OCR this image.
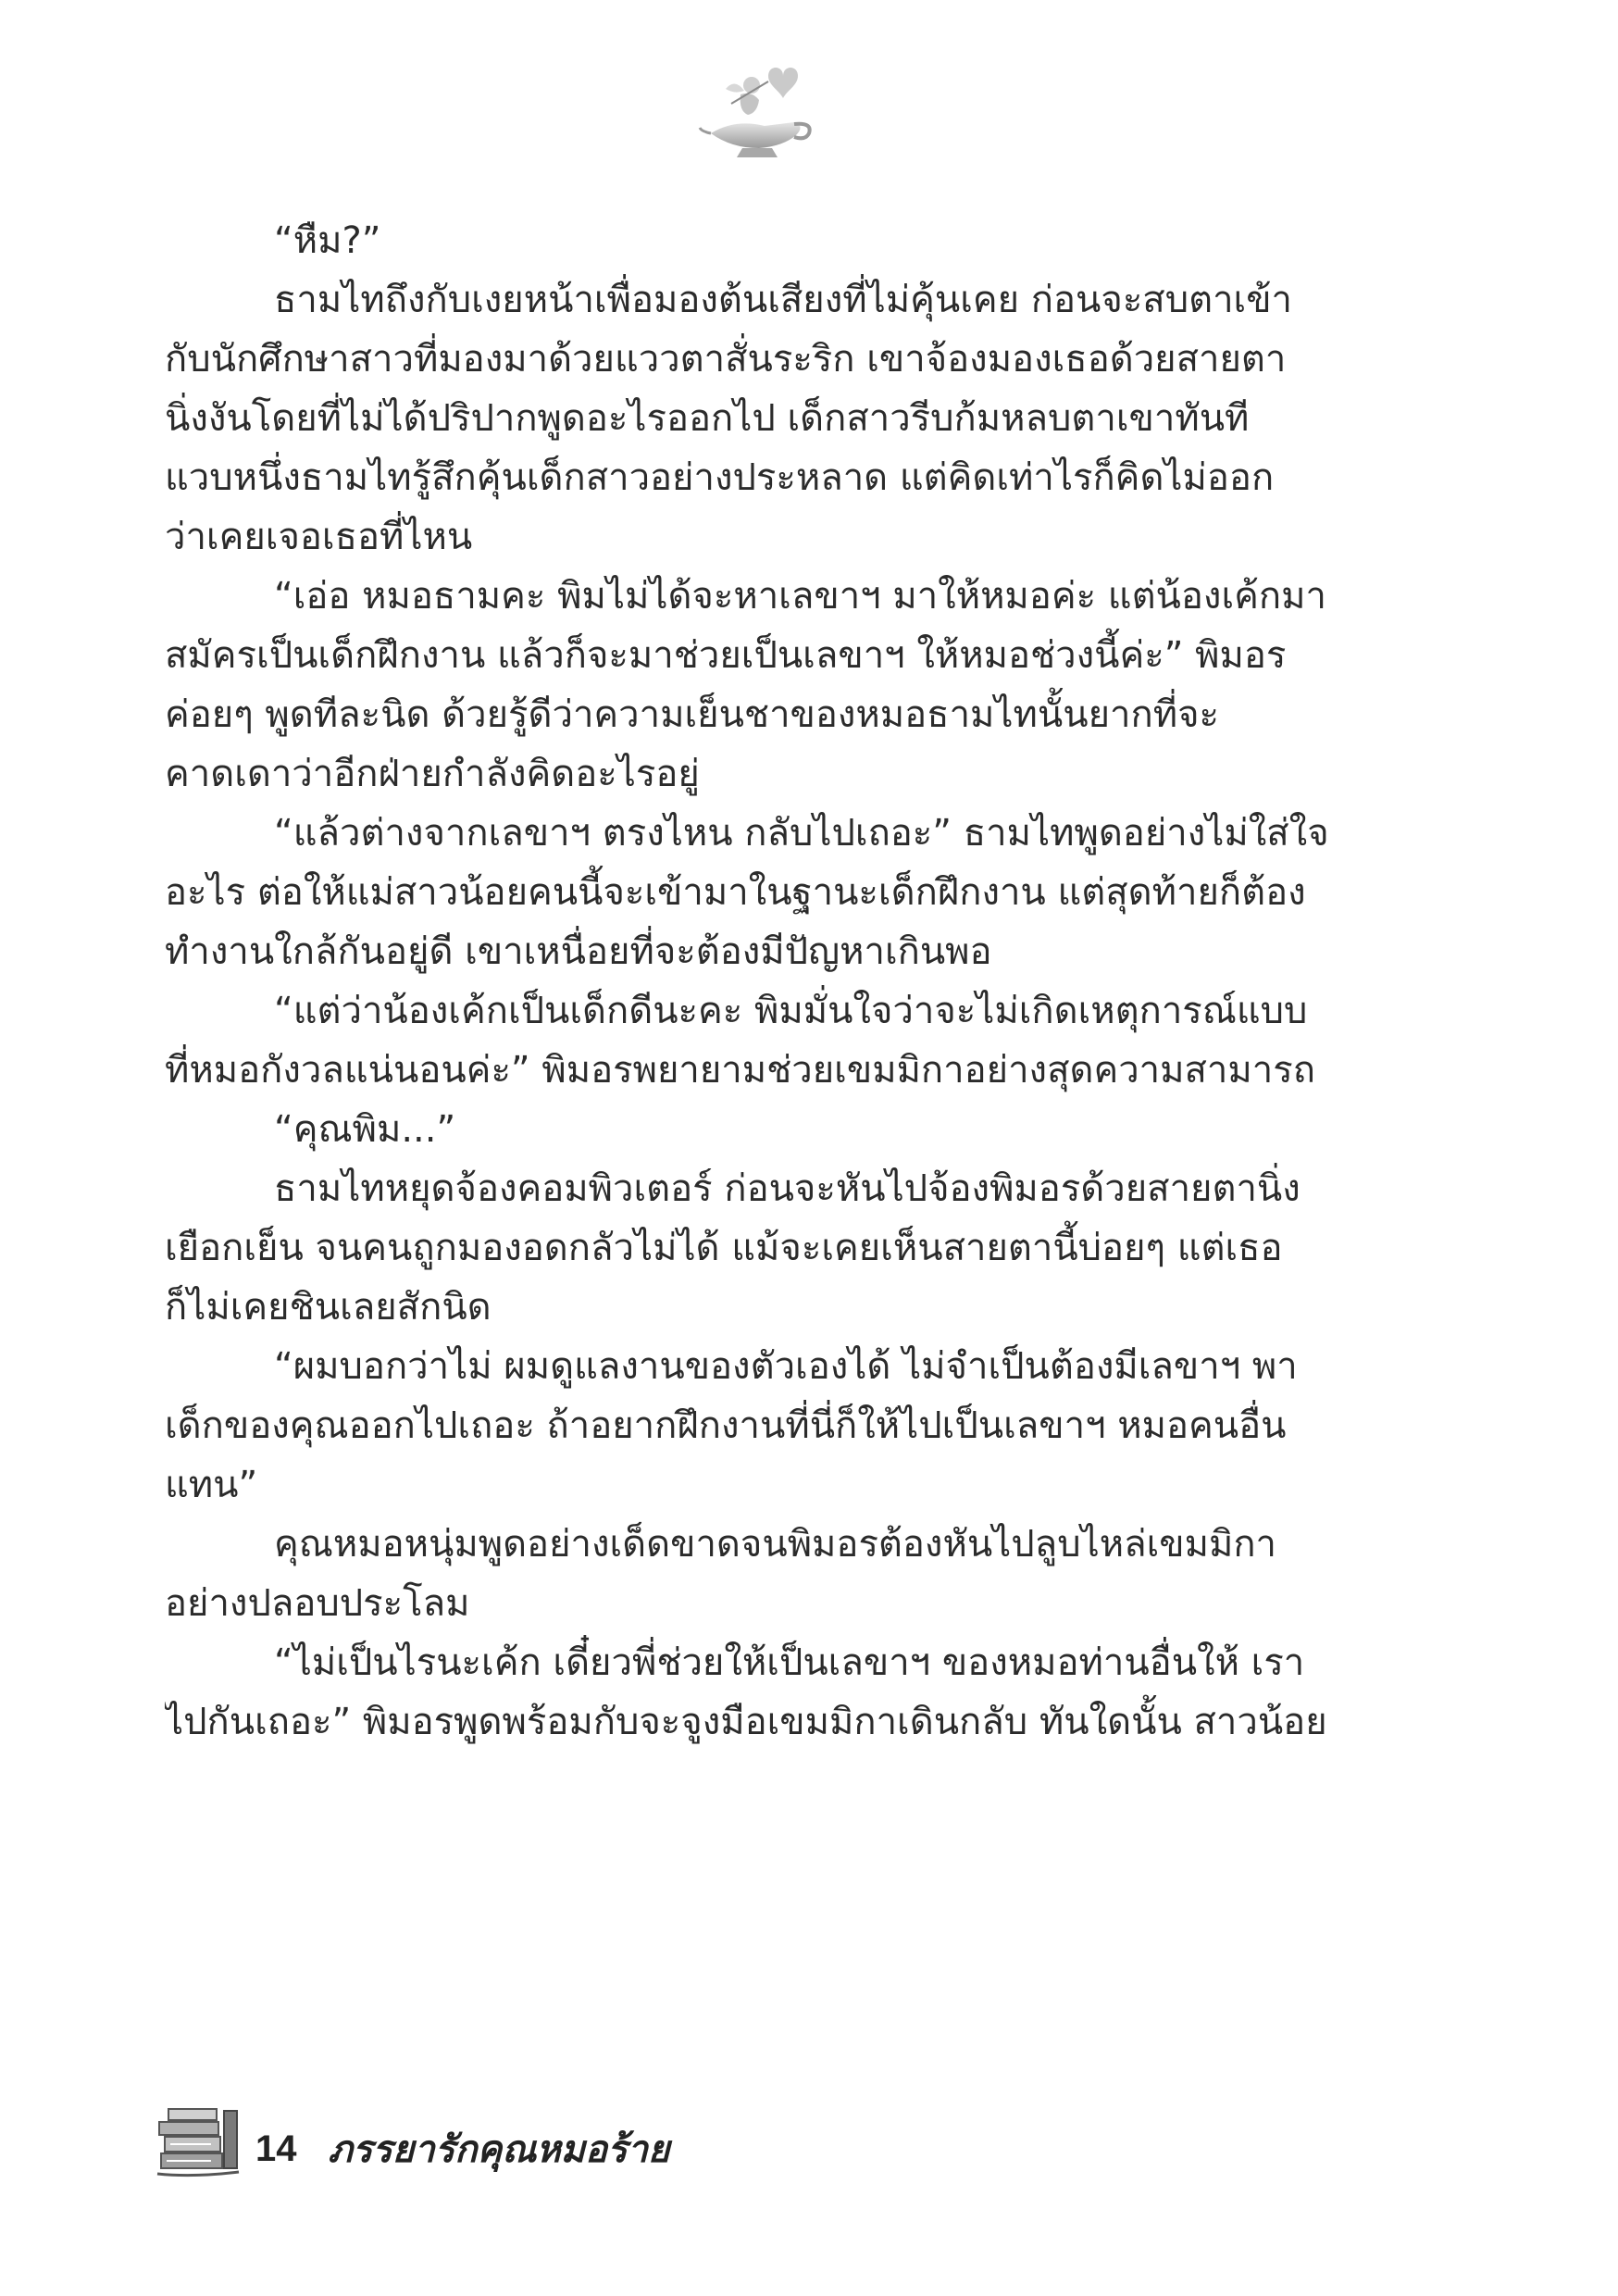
“หืม?”
ธามไทถึงกับเงยหน้าเพื่อมองต้นเสียงที่ไม่คุ้นเคย ก่อนจะสบตาเข้า
กับนักศึกษาสาวที่มองมาด้วยแววตาสั่นระริก เขาจ้องมองเธอด้วยสายตา
นิ่งงันโดยที่ไม่ได้ปริปากพูดอะไรออกไป เด็กสาวรีบก้มหลบตาเขาทันที
แวบหนึ่งธามไทรู้สึกคุ้นเด็กสาวอย่างประหลาด แต่คิดเท่าไรก็คิดไม่ออก
ว่าเคยเจอเธอที่ไหน
“เอ่อ หมอธามคะ พิมไม่ได้จะหาเลขาฯ มาให้หมอค่ะ แต่น้องเค้กมา
สมัครเป็นเด็กฝึกงาน แล้วก็จะมาช่วยเป็นเลขาฯ ให้หมอช่วงนี้ค่ะ” พิมอร
ค่อยๆ พูดทีละนิด ด้วยรู้ดีว่าความเย็นชาของหมอธามไทนั้นยากที่จะ
คาดเดาว่าอีกฝ่ายกำลังคิดอะไรอยู่
“แล้วต่างจากเลขาฯ ตรงไหน กลับไปเถอะ” ธามไทพูดอย่างไม่ใส่ใจ
อะไร ต่อให้แม่สาวน้อยคนนี้จะเข้ามาในฐานะเด็กฝึกงาน แต่สุดท้ายก็ต้อง
ทำงานใกล้กันอยู่ดี เขาเหนื่อยที่จะต้องมีปัญหาเกินพอ
“แต่ว่าน้องเค้กเป็นเด็กดีนะคะ พิมมั่นใจว่าจะไม่เกิดเหตุการณ์แบบ
ที่หมอกังวลแน่นอนค่ะ” พิมอรพยายามช่วยเขมมิกาอย่างสุดความสามารถ
“คุณพิม...”
ธามไทหยุดจ้องคอมพิวเตอร์ ก่อนจะหันไปจ้องพิมอรด้วยสายตานิ่ง
เยือกเย็น จนคนถูกมองอดกลัวไม่ได้ แม้จะเคยเห็นสายตานี้บ่อยๆ แต่เธอ
ก็ไม่เคยชินเลยสักนิด
“ผมบอกว่าไม่ ผมดูแลงานของตัวเองได้ ไม่จำเป็นต้องมีเลขาฯ พา
เด็กของคุณออกไปเถอะ ถ้าอยากฝึกงานที่นี่ก็ให้ไปเป็นเลขาฯ หมอคนอื่น
แทน”
คุณหมอหนุ่มพูดอย่างเด็ดขาดจนพิมอรต้องหันไปลูบไหล่เขมมิกา
อย่างปลอบประโลม
“ไม่เป็นไรนะเค้ก เดี๋ยวพี่ช่วยให้เป็นเลขาฯ ของหมอท่านอื่นให้ เรา
ไปกันเถอะ” พิมอรพูดพร้อมกับจะจูงมือเขมมิกาเดินกลับ ทันใดนั้น สาวน้อย
14 ภรรยารักคุณหมอร้าย
